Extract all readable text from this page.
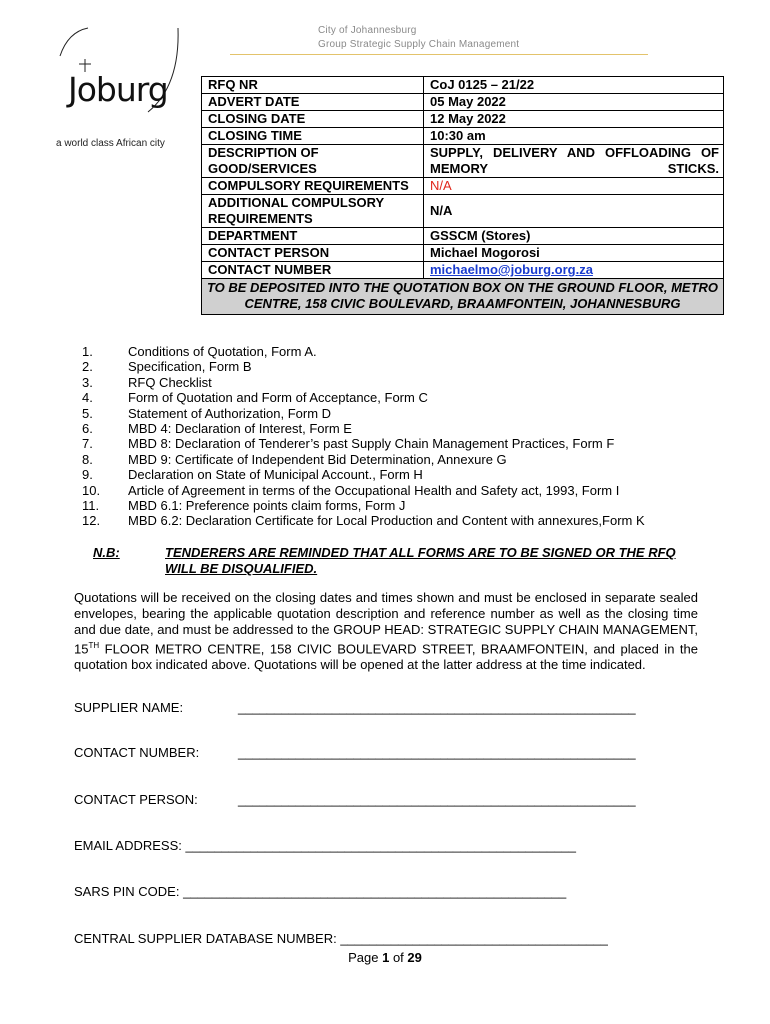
City of Johannesburg
Group Strategic Supply Chain Management
Joburg
a world class African city
RFQ NR	CoJ 0125 – 21/22
ADVERT DATE	05 May 2022
CLOSING DATE	12 May 2022
CLOSING TIME	10:30 am
DESCRIPTION OF GOOD/SERVICES	SUPPLY, DELIVERY AND OFFLOADING OF MEMORY STICKS.

COMPULSORY REQUIREMENTS	N/A
ADDITIONAL COMPULSORY REQUIREMENTS	N/A
DEPARTMENT	GSSCM (Stores)
CONTACT PERSON	Michael Mogorosi
CONTACT NUMBER	michaelmo@joburg.org.za
TO BE DEPOSITED INTO THE QUOTATION BOX ON THE GROUND FLOOR, METRO CENTRE, 158 CIVIC BOULEVARD, BRAAMFONTEIN, JOHANNESBURG	
1.	Conditions of Quotation, Form A.
2.	Specification, Form B
3.	RFQ Checklist
4.	Form of Quotation and Form of Acceptance, Form C
5.	Statement of Authorization, Form D
6.	MBD 4: Declaration of Interest, Form E
7.	MBD 8: Declaration of Tenderer’s past Supply Chain Management Practices, Form F
8.	MBD 9: Certificate of Independent Bid Determination, Annexure G
9.	Declaration on State of Municipal Account., Form H
10.	Article of Agreement in terms of the Occupational Health and Safety act, 1993, Form I
11.	MBD 6.1: Preference points claim forms, Form J
12.	MBD 6.2: Declaration Certificate for Local Production and Content with annexures,Form K
N.B:	TENDERERS ARE REMINDED THAT ALL FORMS ARE TO BE SIGNED OR THE RFQ WILL BE DISQUALIFIED.
Quotations will be received on the closing dates and times shown and must be enclosed in separate sealed envelopes, bearing the applicable quotation description and reference number as well as the closing time and due date, and must be addressed to the GROUP HEAD: STRATEGIC SUPPLY CHAIN MANAGEMENT, 15TH FLOOR METRO CENTRE, 158 CIVIC BOULEVARD STREET, BRAAMFONTEIN, and placed in the quotation box indicated above. Quotations will be opened at the latter address at the time indicated.
SUPPLIER NAME:	_______________________________________________________
CONTACT NUMBER:	_______________________________________________________
CONTACT PERSON:	_______________________________________________________
EMAIL ADDRESS: ______________________________________________________
SARS PIN CODE: _____________________________________________________
CENTRAL SUPPLIER DATABASE NUMBER: _____________________________________
Page 1 of 29
